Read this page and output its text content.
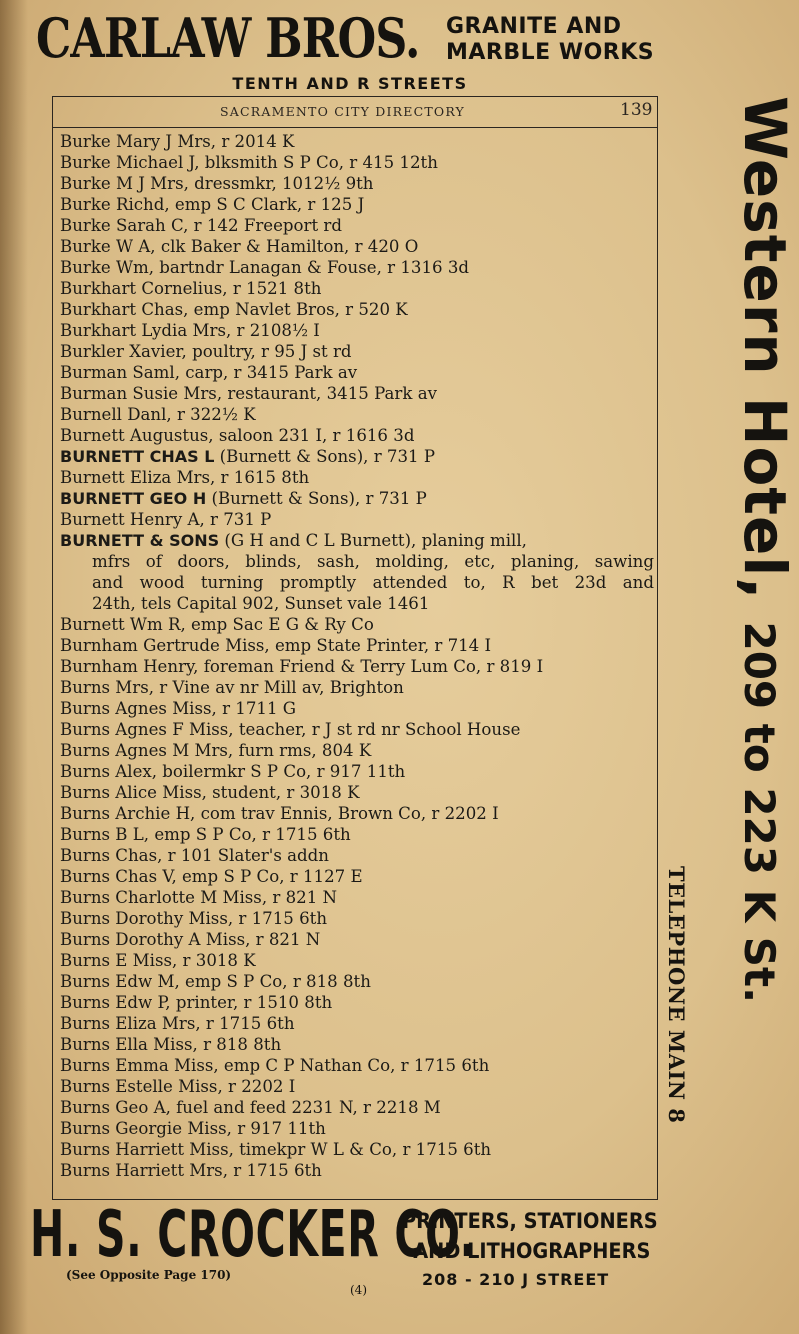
CARLAW BROS. GRANITE AND
MARBLE WORKS
TENTH AND R STREETS
SACRAMENTO CITY DIRECTORY	139
Burke Mary J Mrs, r 2014 K
Burke Michael J, blksmith S P Co, r 415 12th
Burke M J Mrs, dressmkr, 1012½ 9th
Burke Richd, emp S C Clark, r 125 J
Burke Sarah C, r 142 Freeport rd
Burke W A, clk Baker & Hamilton, r 420 O
Burke Wm, bartndr Lanagan & Fouse, r 1316 3d
Burkhart Cornelius, r 1521 8th
Burkhart Chas, emp Navlet Bros, r 520 K
Burkhart Lydia Mrs, r 2108½ I
Burkler Xavier, poultry, r 95 J st rd
Burman Saml, carp, r 3415 Park av
Burman Susie Mrs, restaurant, 3415 Park av
Burnell Danl, r 322½ K
Burnett Augustus, saloon 231 I, r 1616 3d
BURNETT CHAS L (Burnett & Sons), r 731 P
Burnett Eliza Mrs, r 1615 8th
BURNETT GEO H (Burnett & Sons), r 731 P
Burnett Henry A, r 731 P
BURNETT & SONS (G H and C L Burnett), planing mill,
mfrs of doors, blinds, sash, molding, etc, planing, sawing
and wood turning promptly attended to, R bet 23d and
24th, tels Capital 902, Sunset vale 1461
Burnett Wm R, emp Sac E G & Ry Co
Burnham Gertrude Miss, emp State Printer, r 714 I
Burnham Henry, foreman Friend & Terry Lum Co, r 819 I
Burns Mrs, r Vine av nr Mill av, Brighton
Burns Agnes Miss, r 1711 G
Burns Agnes F Miss, teacher, r J st rd nr School House
Burns Agnes M Mrs, furn rms, 804 K
Burns Alex, boilermkr S P Co, r 917 11th
Burns Alice Miss, student, r 3018 K
Burns Archie H, com trav Ennis, Brown Co, r 2202 I
Burns B L, emp S P Co, r 1715 6th
Burns Chas, r 101 Slater's addn
Burns Chas V, emp S P Co, r 1127 E
Burns Charlotte M Miss, r 821 N
Burns Dorothy Miss, r 1715 6th
Burns Dorothy A Miss, r 821 N
Burns E Miss, r 3018 K
Burns Edw M, emp S P Co, r 818 8th
Burns Edw P, printer, r 1510 8th
Burns Eliza Mrs, r 1715 6th
Burns Ella Miss, r 818 8th
Burns Emma Miss, emp C P Nathan Co, r 1715 6th
Burns Estelle Miss, r 2202 I
Burns Geo A, fuel and feed 2231 N, r 2218 M
Burns Georgie Miss, r 917 11th
Burns Harriett Miss, timekpr W L & Co, r 1715 6th
Burns Harriett Mrs, r 1715 6th
Western Hotel, 209 to 223 K St.
TELEPHONE MAIN 8
H. S. CROCKER CO.
PRINTERS, STATIONERS
AND LITHOGRAPHERS
(See Opposite Page 170)	208 - 210 J STREET
(4)
